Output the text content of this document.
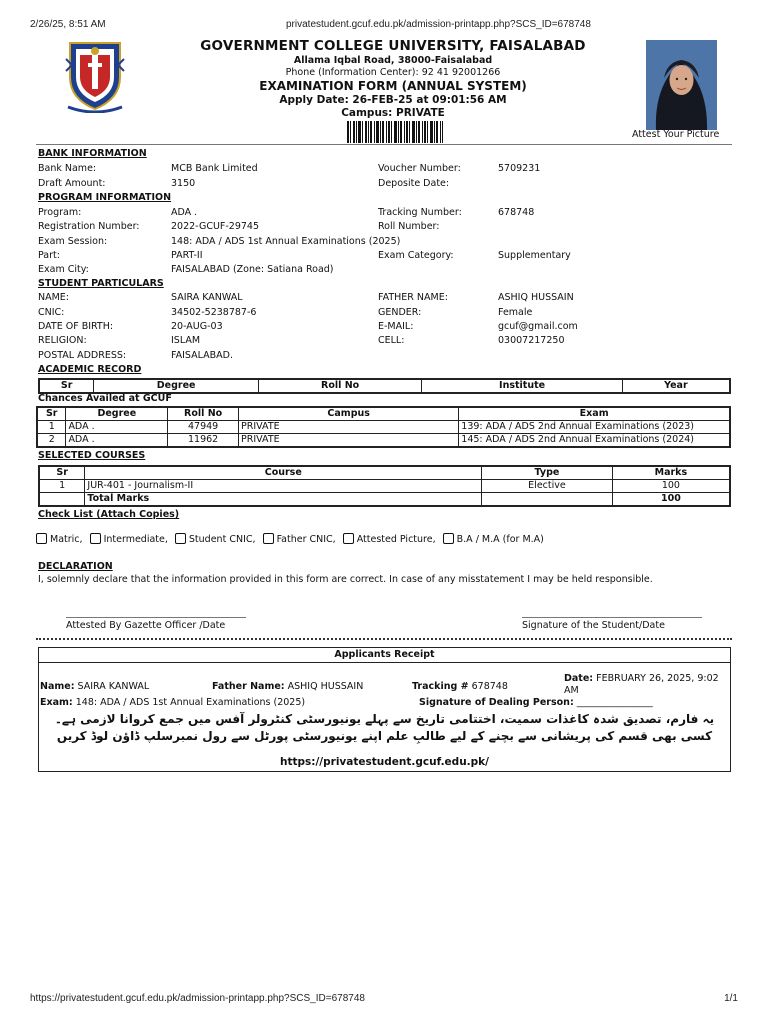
2/26/25, 8:51 AM	privatestudent.gcuf.edu.pk/admission-printapp.php?SCS_ID=678748
GOVERNMENT COLLEGE UNIVERSITY, FAISALABAD
Allama Iqbal Road, 38000-Faisalabad
Phone (Information Center): 92 41 92001266
EXAMINATION FORM (ANNUAL SYSTEM)
Apply Date: 26-FEB-25 at 09:01:56 AM
Campus: PRIVATE
Attest Your Picture
BANK INFORMATION
Bank Name:	MCB Bank Limited	Voucher Number:	5709231
Draft Amount:	3150	Deposite Date:
PROGRAM INFORMATION
Program:	ADA .	Tracking Number:	678748
Registration Number:	2022-GCUF-29745	Roll Number:
Exam Session:	148: ADA / ADS 1st Annual Examinations (2025)
Part:	PART-II	Exam Category:	Supplementary
Exam City:	FAISALABAD (Zone: Satiana Road)
STUDENT PARTICULARS
NAME:	SAIRA KANWAL	FATHER NAME:	ASHIQ HUSSAIN
CNIC:	34502-5238787-6	GENDER:	Female
DATE OF BIRTH:	20-AUG-03	E-MAIL:	gcuf@gmail.com
RELIGION:	ISLAM	CELL:	03007217250
POSTAL ADDRESS:	FAISALABAD.
ACADEMIC RECORD
Sr	Degree	Roll No	Institute	Year
Chances Availed at GCUF
Sr	Degree	Roll No	Campus	Exam
1	ADA .	47949	PRIVATE	139: ADA / ADS 2nd Annual Examinations (2023)
2	ADA .	11962	PRIVATE	145: ADA / ADS 2nd Annual Examinations (2024)
SELECTED COURSES
Sr	Course	Type	Marks
1	JUR-401 - Journalism-II	Elective	100
	Total Marks		100
Check List (Attach Copies)
Matric, Intermediate, Student CNIC, Father CNIC, Attested Picture, B.A / M.A (for M.A)
DECLARATION
I, solemnly declare that the information provided in this form are correct. In case of any misstatement I may be held responsible.
Attested By Gazette Officer /Date	Signature of the Student/Date
Applicants Receipt
Name: SAIRA KANWAL	Father Name: ASHIQ HUSSAIN	Tracking # 678748
Date: FEBRUARY 26, 2025, 9:02 AM
Exam: 148: ADA / ADS 1st Annual Examinations (2025)	Signature of Dealing Person: ________________
یہ فارم، تصدیق شدہ کاغذات سمیت، اختتامی تاریخ سے پہلے یونیورسٹی کنٹرولر آفس میں جمع کروانا لازمی ہے۔
کسی بھی قسم کی پریشانی سے بچنے کے لیے طالبِ علم اپنے یونیورسٹی پورٹل سے رول نمبرسلپ ڈاؤن لوڈ کریں
https://privatestudent.gcuf.edu.pk/
https://privatestudent.gcuf.edu.pk/admission-printapp.php?SCS_ID=678748	1/1
